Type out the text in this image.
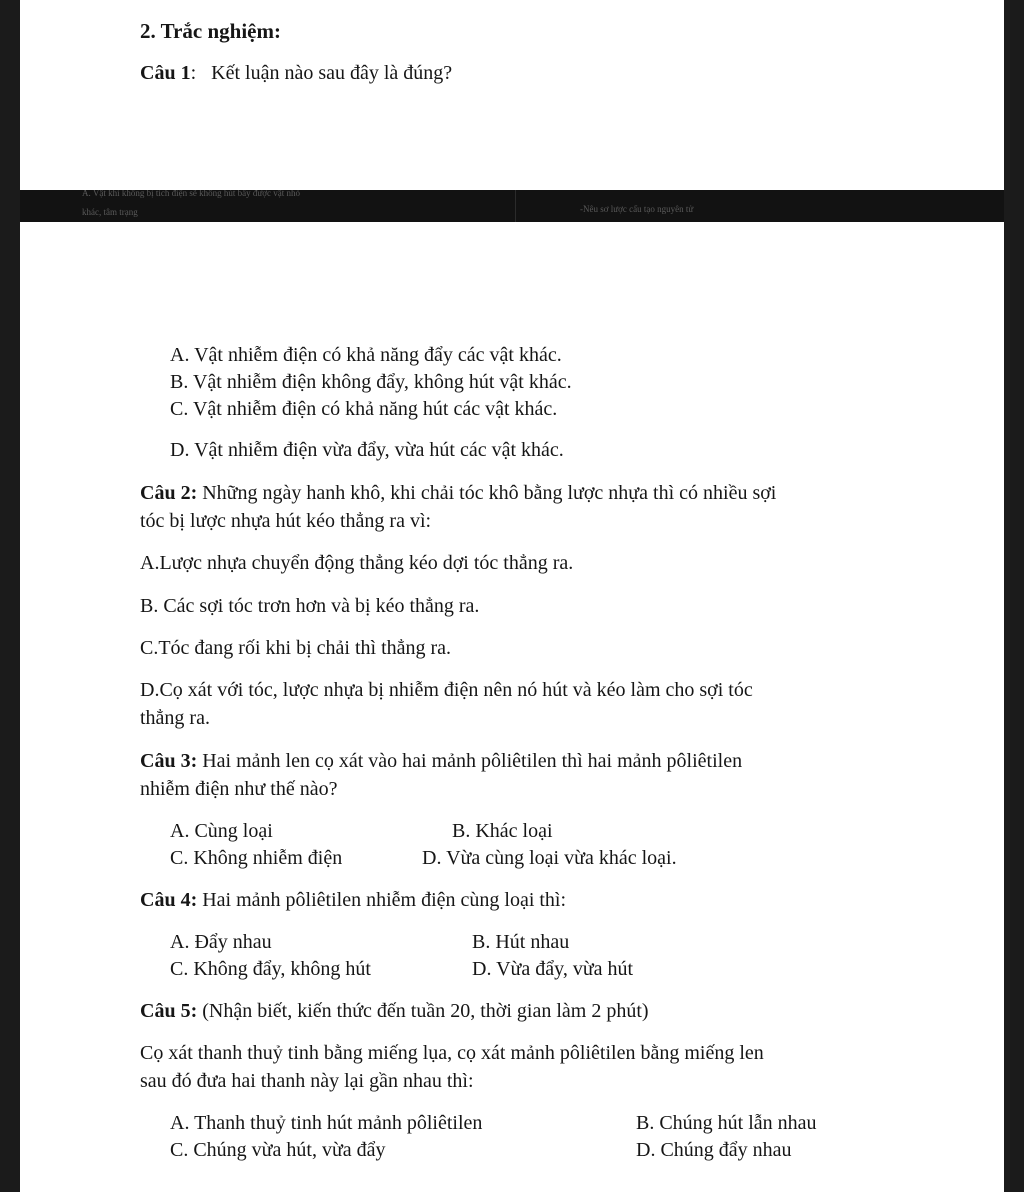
2. Trắc nghiệm:
Câu 1: Kết luận nào sau đây là đúng?
A. Vật khi không bị tích điện sẽ không hút bấy được vật nhỏ
khác, tâm trạng	-Nêu sơ lược cấu tạo nguyên tử
A. Vật nhiễm điện có khả năng đẩy các vật khác.
B. Vật nhiễm điện không đẩy, không hút vật khác.
C. Vật nhiễm điện có khả năng hút các vật khác.
D. Vật nhiễm điện vừa đẩy, vừa hút các vật khác.
Câu 2: Những ngày hanh khô, khi chải tóc khô bằng lược nhựa thì có nhiều sợi
tóc bị lược nhựa hút kéo thẳng ra vì:
A.Lược nhựa chuyển động thẳng kéo dợi tóc thẳng ra.
B. Các sợi tóc trơn hơn và bị kéo thẳng ra.
C.Tóc đang rối khi bị chải thì thẳng ra.
D.Cọ xát với tóc, lược nhựa bị nhiễm điện nên nó hút và kéo làm cho sợi tóc
thẳng ra.
Câu 3: Hai mảnh len cọ xát vào hai mảnh pôliêtilen thì hai mảnh pôliêtilen
nhiễm điện như thế nào?
A. Cùng loại	B. Khác loại
C. Không nhiễm điện	D. Vừa cùng loại vừa khác loại.
Câu 4: Hai mảnh pôliêtilen nhiễm điện cùng loại thì:
A. Đẩy nhau	B. Hút nhau
C. Không đẩy, không hút	D. Vừa đẩy, vừa hút
Câu 5: (Nhận biết, kiến thức đến tuần 20, thời gian làm 2 phút)
Cọ xát thanh thuỷ tinh bằng miếng lụa, cọ xát mảnh pôliêtilen bằng miếng len
sau đó đưa hai thanh này lại gần nhau thì:
A. Thanh thuỷ tinh hút mảnh pôliêtilen	B. Chúng hút lẫn nhau
C. Chúng vừa hút, vừa đẩy	D. Chúng đẩy nhau
